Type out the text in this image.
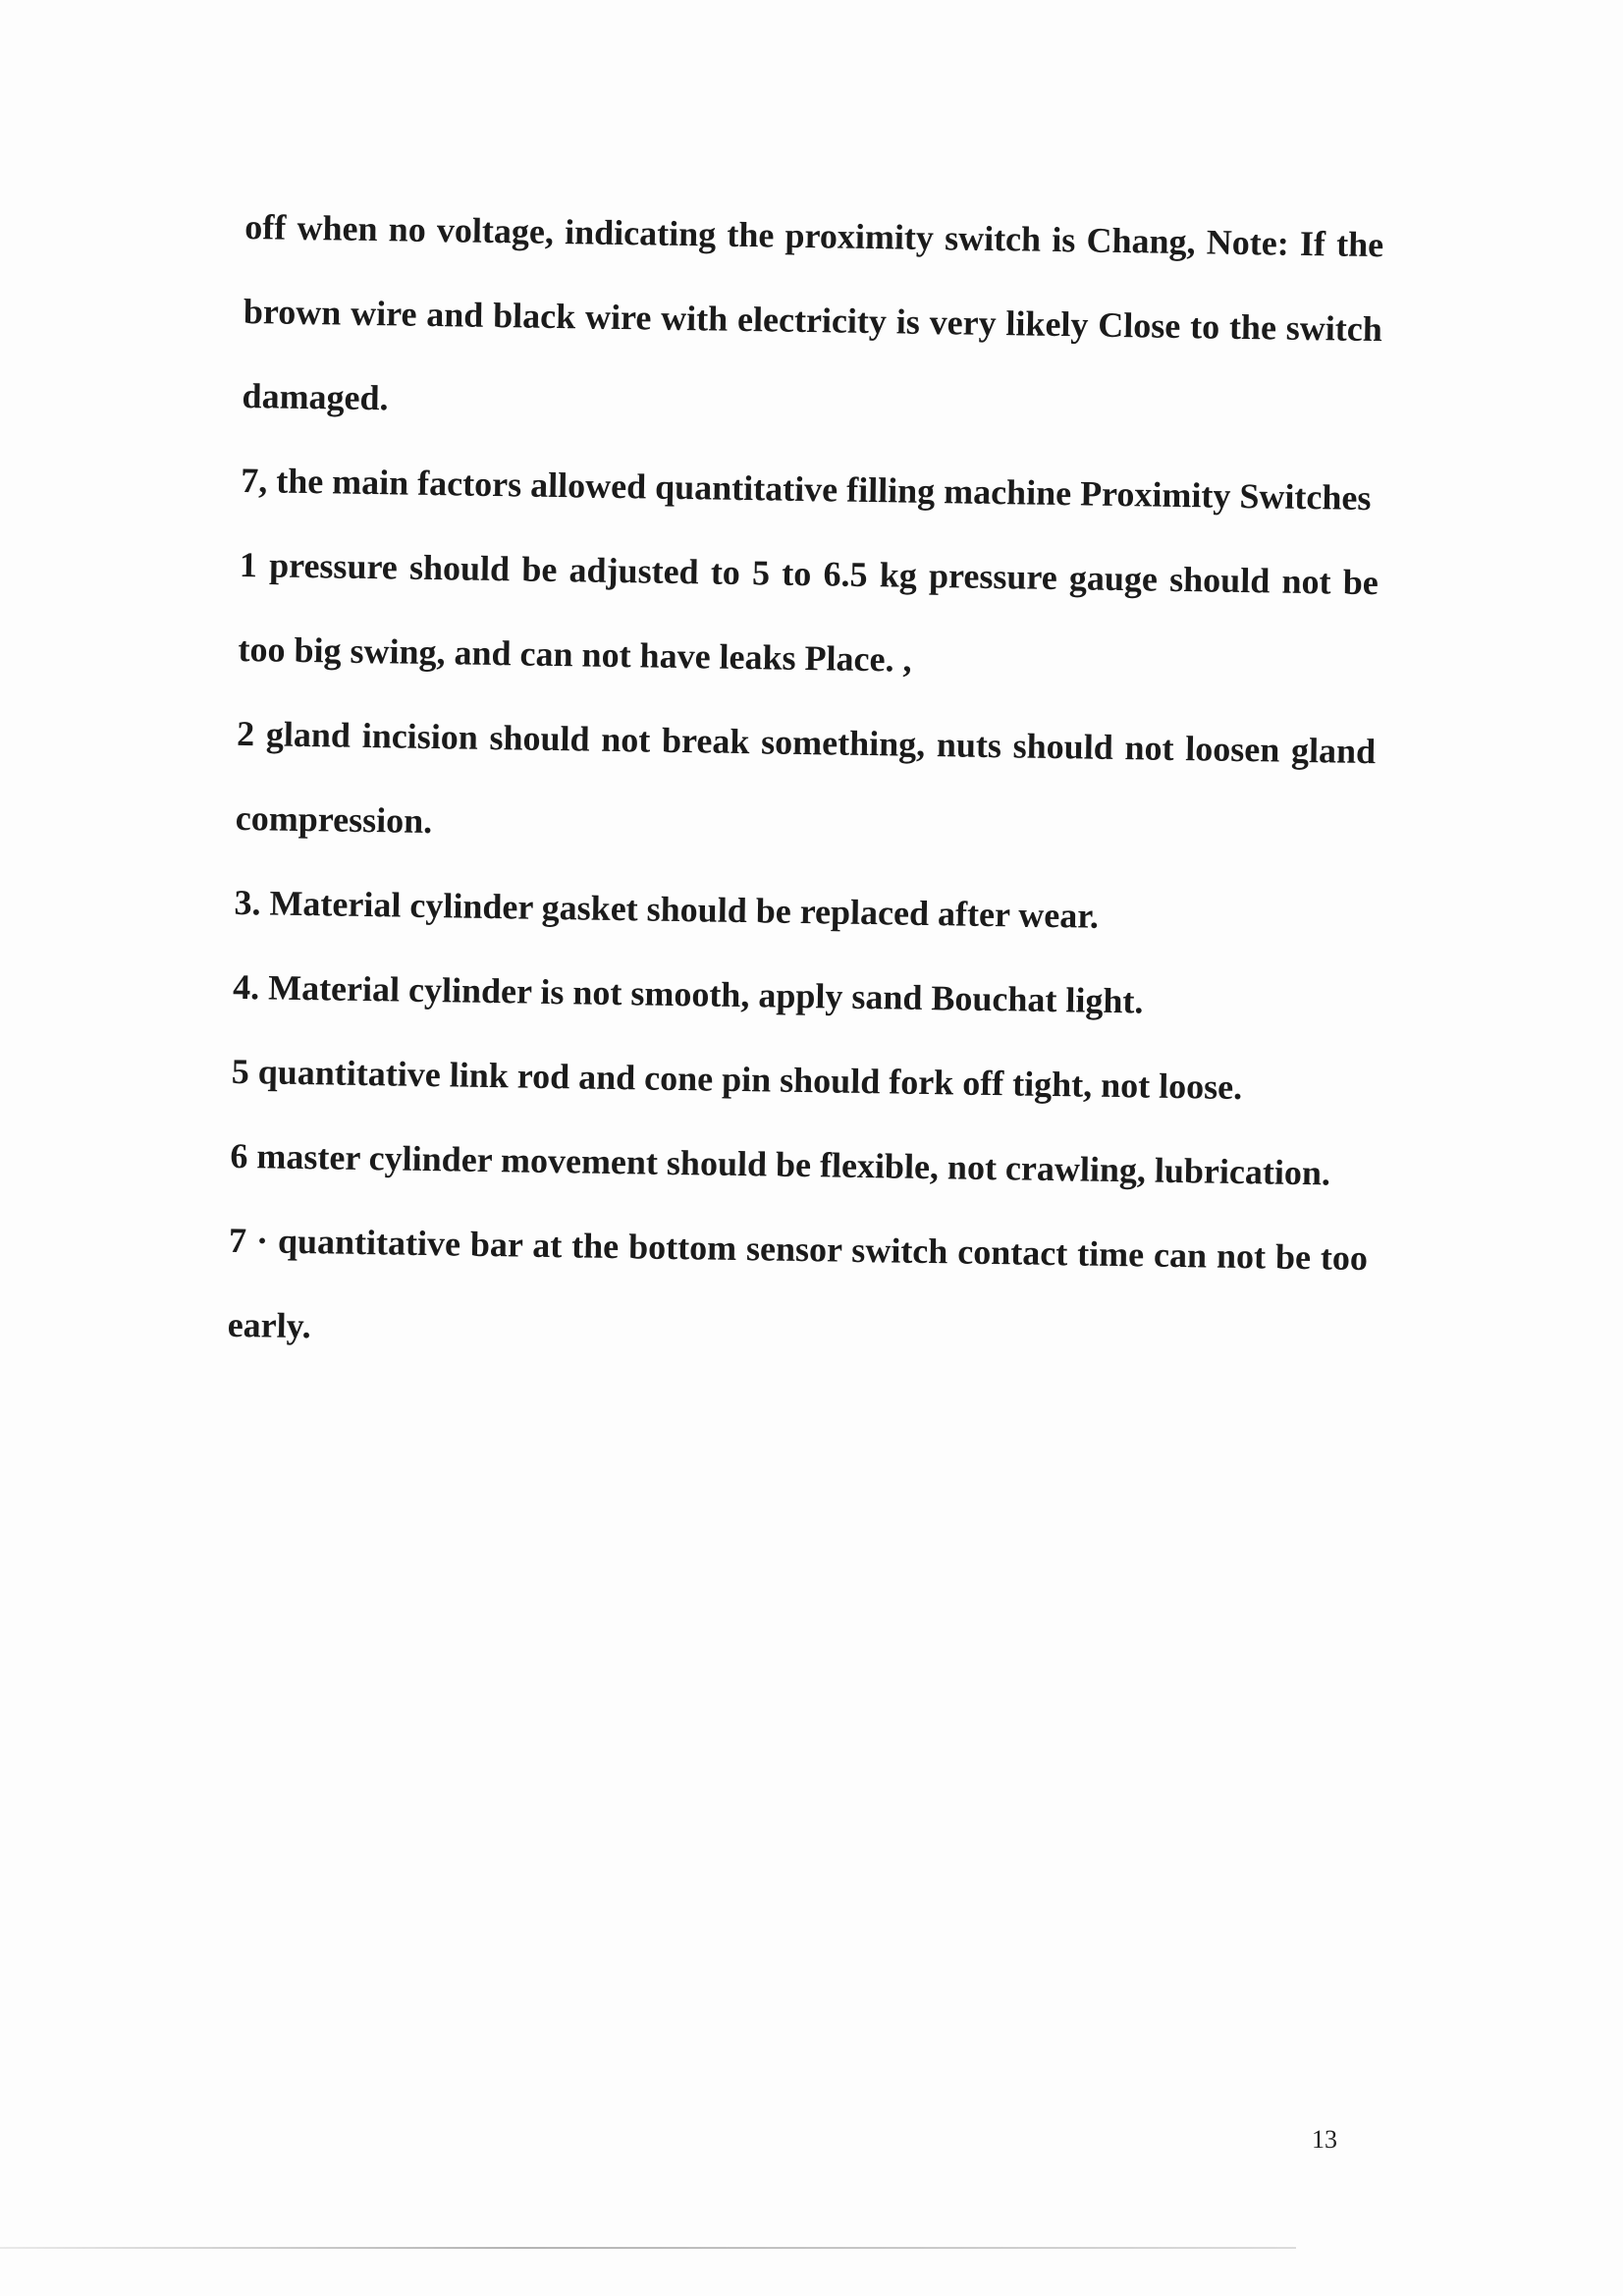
off when no voltage, indicating the proximity switch is Chang, Note: If the brown wire and black wire with electricity is very likely Close to the switch damaged.

7, the main factors allowed quantitative filling machine Proximity Switches

1 pressure should be adjusted to 5 to 6.5 kg pressure gauge should not be too big swing, and can not have leaks Place. ,

2 gland incision should not break something, nuts should not loosen gland compression.

3. Material cylinder gasket should be replaced after wear.

4. Material cylinder is not smooth, apply sand Bouchat light.

5 quantitative link rod and cone pin should fork off tight, not loose.

6 master cylinder movement should be flexible, not crawling, lubrication.

7 · quantitative bar at the bottom sensor switch contact time can not be too early.

13
